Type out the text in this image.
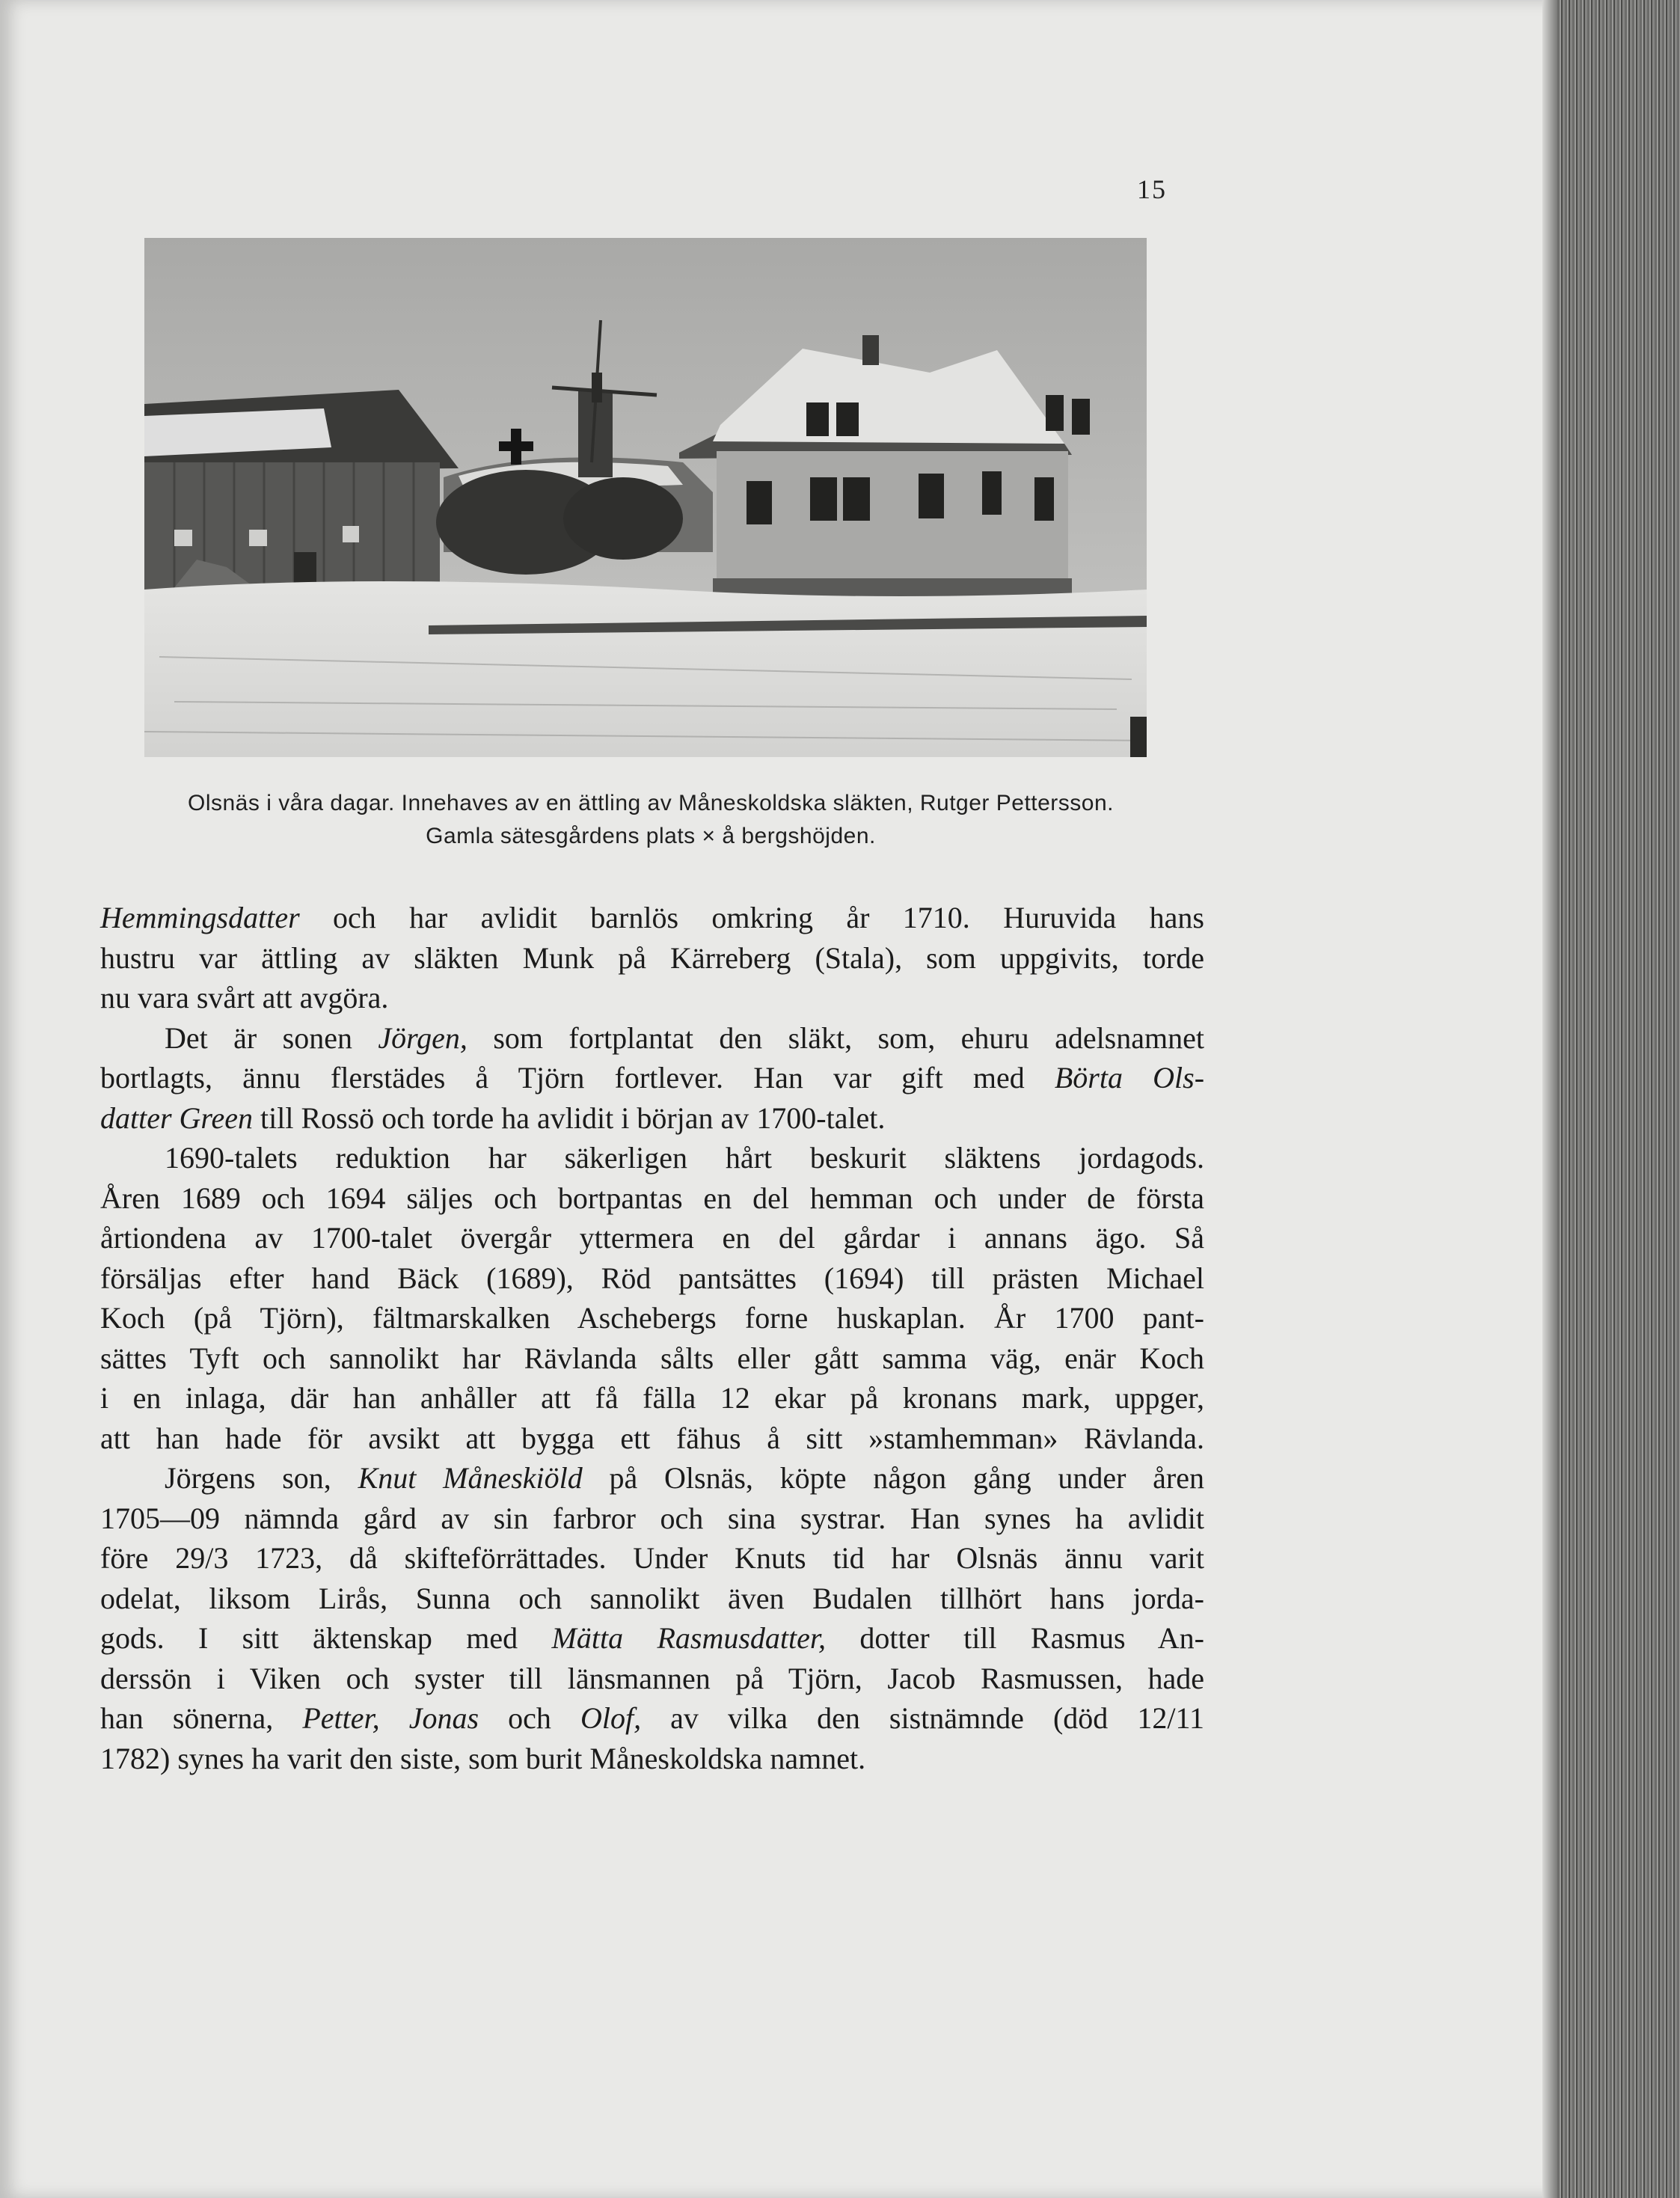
15
Olsnäs i våra dagar. Innehaves av en ättling av Måneskoldska släkten, Rutger Pettersson.
Gamla sätesgårdens plats × å bergshöjden.
Hemmingsdatter och har avlidit barnlös omkring år 1710. Huruvida hans
hustru var ättling av släkten Munk på Kärreberg (Stala), som uppgivits, torde
nu vara svårt att avgöra.
Det är sonen Jörgen, som fortplantat den släkt, som, ehuru adelsnamnet
bortlagts, ännu flerstädes å Tjörn fortlever. Han var gift med Börta Ols-
datter Green till Rossö och torde ha avlidit i början av 1700-talet.
1690-talets reduktion har säkerligen hårt beskurit släktens jordagods.
Åren 1689 och 1694 säljes och bortpantas en del hemman och under de första
årtiondena av 1700-talet övergår yttermera en del gårdar i annans ägo. Så
försäljas efter hand Bäck (1689), Röd pantsättes (1694) till prästen Michael
Koch (på Tjörn), fältmarskalken Aschebergs forne huskaplan. År 1700 pant-
sättes Tyft och sannolikt har Rävlanda sålts eller gått samma väg, enär Koch
i en inlaga, där han anhåller att få fälla 12 ekar på kronans mark, uppger,
att han hade för avsikt att bygga ett fähus å sitt »stamhemman» Rävlanda.
Jörgens son, Knut Måneskiöld på Olsnäs, köpte någon gång under åren
1705—09 nämnda gård av sin farbror och sina systrar. Han synes ha avlidit
före 29/3 1723, då skifteförrättades. Under Knuts tid har Olsnäs ännu varit
odelat, liksom Lirås, Sunna och sannolikt även Budalen tillhört hans jorda-
gods. I sitt äktenskap med Mätta Rasmusdatter, dotter till Rasmus An-
derssön i Viken och syster till länsmannen på Tjörn, Jacob Rasmussen, hade
han sönerna, Petter, Jonas och Olof, av vilka den sistnämnde (död 12/11
1782) synes ha varit den siste, som burit Måneskoldska namnet.
